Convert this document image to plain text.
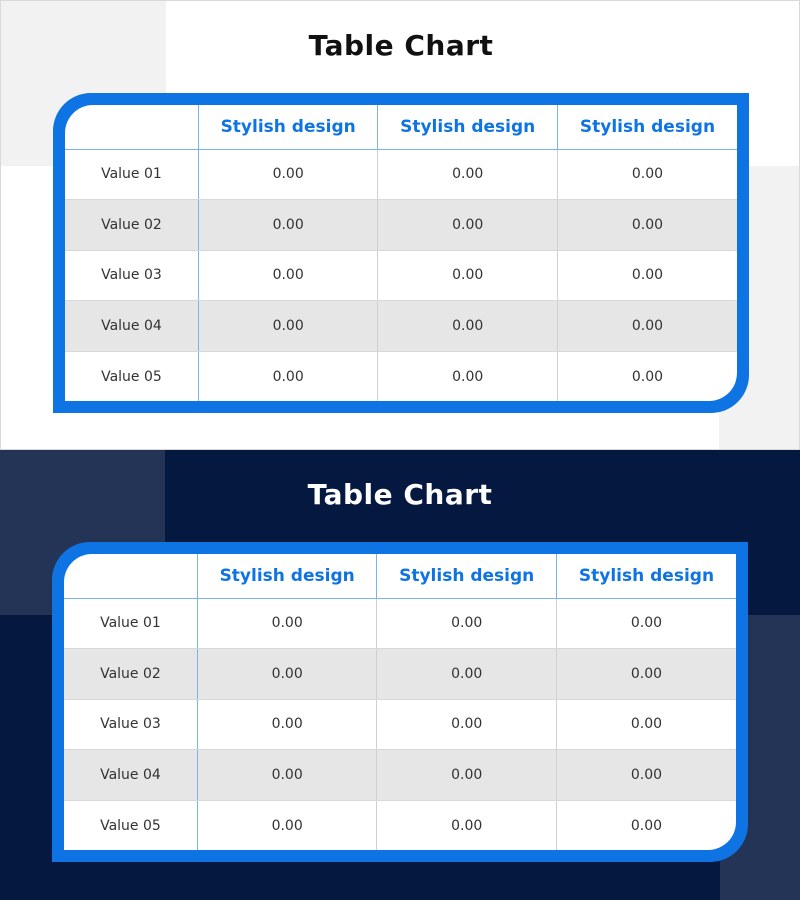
Table Chart
	Stylish design	Stylish design	Stylish design
Value 01	0.00	0.00	0.00
Value 02	0.00	0.00	0.00
Value 03	0.00	0.00	0.00
Value 04	0.00	0.00	0.00
Value 05	0.00	0.00	0.00
Table Chart
	Stylish design	Stylish design	Stylish design
Value 01	0.00	0.00	0.00
Value 02	0.00	0.00	0.00
Value 03	0.00	0.00	0.00
Value 04	0.00	0.00	0.00
Value 05	0.00	0.00	0.00
